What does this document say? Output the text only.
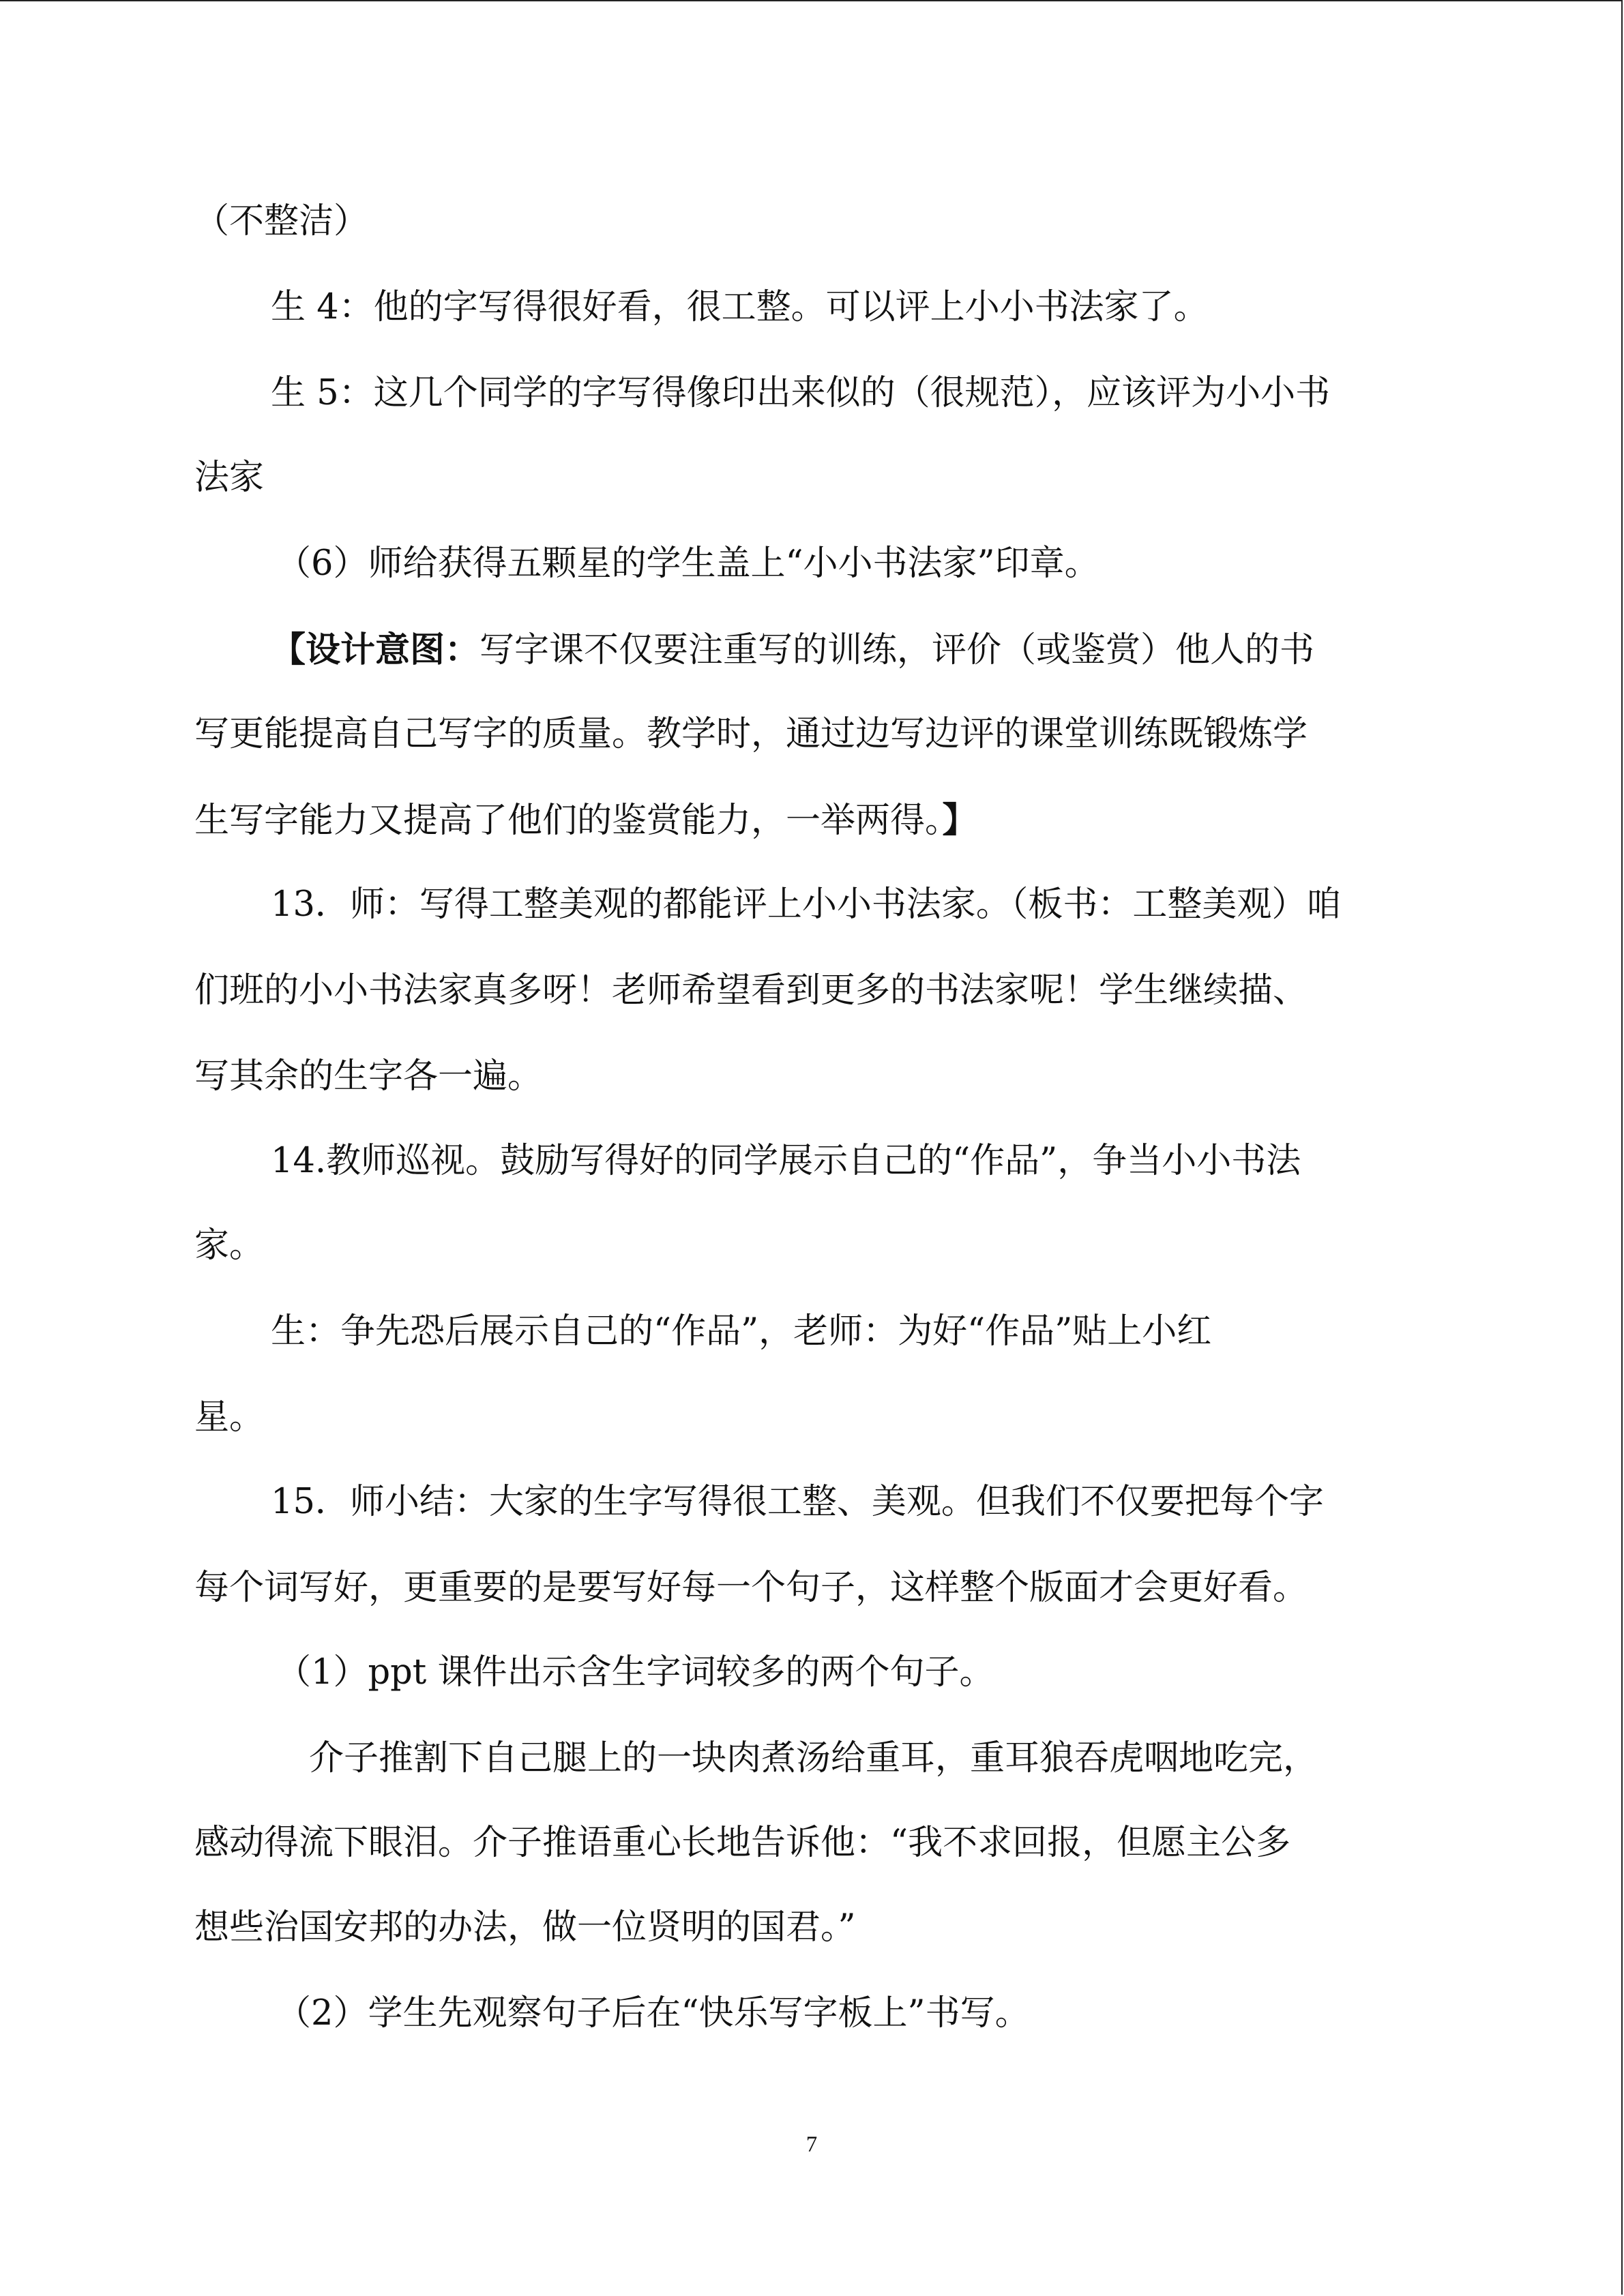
（不整洁）
生 4：他的字写得很好看，很工整。可以评上小小书法家了。
生 5：这几个同学的字写得像印出来似的（很规范），应该评为小小书
法家
（6）师给获得五颗星的学生盖上“小小书法家”印章。
【设计意图：写字课不仅要注重写的训练，评价（或鉴赏）他人的书
写更能提高自己写字的质量。教学时，通过边写边评的课堂训练既锻炼学
生写字能力又提高了他们的鉴赏能力，一举两得。】
13．师：写得工整美观的都能评上小小书法家。（板书：工整美观）咱
们班的小小书法家真多呀！老师希望看到更多的书法家呢！学生继续描、
写其余的生字各一遍。
14.教师巡视。鼓励写得好的同学展示自己的“作品”，争当小小书法
家。
生：争先恐后展示自己的“作品”，老师：为好“作品”贴上小红
星。
15．师小结：大家的生字写得很工整、美观。但我们不仅要把每个字
每个词写好，更重要的是要写好每一个句子，这样整个版面才会更好看。
（1）ppt 课件出示含生字词较多的两个句子。
介子推割下自己腿上的一块肉煮汤给重耳，重耳狼吞虎咽地吃完，
感动得流下眼泪。介子推语重心长地告诉他：“我不求回报，但愿主公多
想些治国安邦的办法，做一位贤明的国君。”
（2）学生先观察句子后在“快乐写字板上”书写。
7
